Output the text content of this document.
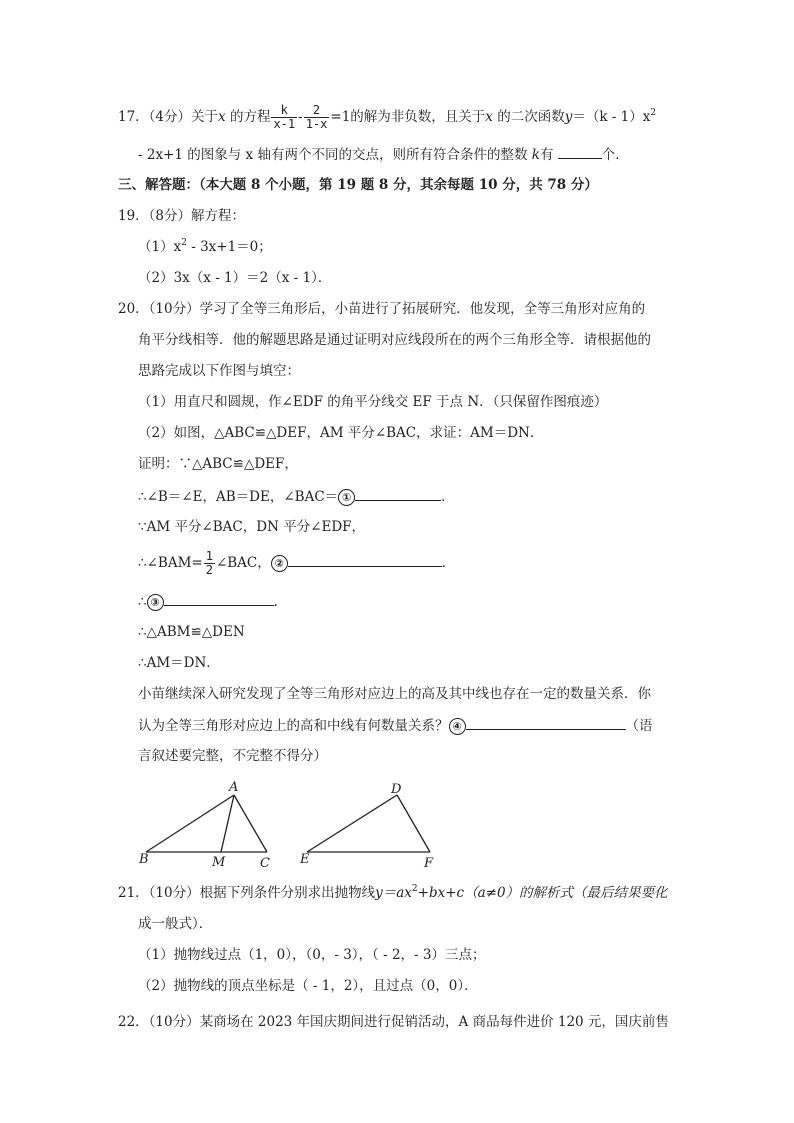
17．（4分）关于x 的方程 $\frac{k}{x-1} - \frac{2}{1-x} =1$的解为非负数，且关于x 的二次函数$y=(k - 1)x^2$
- 2x+1 的图象与 x 轴有两个不同的交点，则所有符合条件的整数 k有	个．
三、解答题：（本大题 8 个小题，第 19 题 8 分，其余每题 10 分，共 78 分）
19．（8分）解方程：
$(1)x^2 - 3x+1=0$；
（2）3x（x - 1）＝2（x - 1）．
20．（10分）学习了全等三角形后，小苗进行了拓展研究．他发现，全等三角形对应角的
角平分线相等．他的解题思路是通过证明对应线段所在的两个三角形全等．请根据他的
思路完成以下作图与填空：
（1）用直尺和圆规，作∠EDF 的角平分线交 EF 于点 N．（只保留作图痕迹）
（2）如图，△ABC≌△DEF，AM 平分∠BAC，求证：AM＝DN．
证明：∵△ABC≌△DEF，
∴∠B＝∠E，AB＝DE，∠BAC＝ ①	．
∵AM 平分∠BAC，DN 平分∠EDF，
∴∠BAM= $\frac{1}{2}$ ∠BAC， ②	．
∴ ③	．
∴△ABM≌△DEN
∴AM＝DN．
小苗继续深入研究发现了全等三角形对应边上的高及其中线也存在一定的数量关系．你
认为全等三角形对应边上的高和中线有何数量关系？ ④	（语
言叙述要完整，不完整不得分）
A
B	M	C
D
E	F
21．（10分）根据下列条件分别求出抛物线$y=ax^2+bx+c(a\ne 0)$的解析式（最后结果要化
成一般式）．
（1）抛物线过点（1，0），（0，- 3），（ - 2，- 3）三点；
（2）抛物线的顶点坐标是（ - 1，2），且过点（0，0）．
22．（10分）某商场在 2023 年国庆期间进行促销活动，A 商品每件进价 120 元，国庆前售
